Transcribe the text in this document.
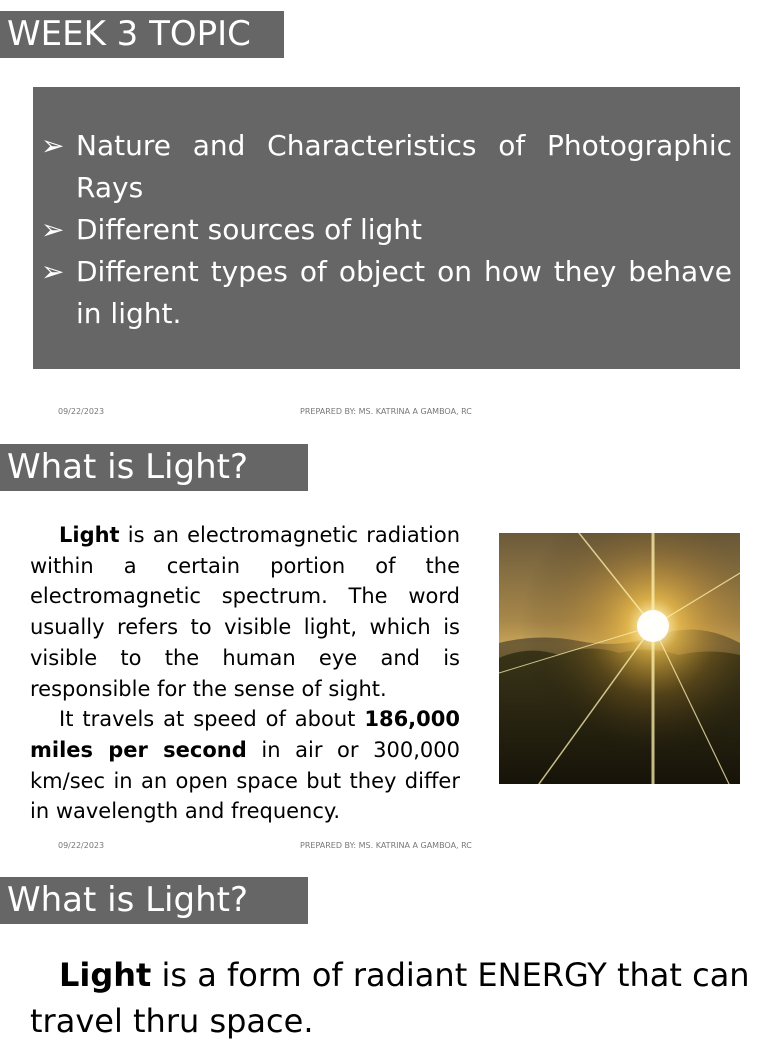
WEEK 3 TOPIC
➢ Nature and Characteristics of Photographic
Rays
➢ Different sources of light
➢ Different types of object on how they behave
in light.
09/22/2023	PREPARED BY: MS. KATRINA A GAMBOA, RC
What is Light?

Light is an electromagnetic radiation within a certain portion of the electromagnetic spectrum. The word usually refers to visible light, which is visible to the human eye and is responsible for the sense of sight.

It travels at speed of about 186,000 miles per second in air or 300,000 km/sec in an open space but they differ in wavelength and frequency.

09/22/2023	PREPARED BY: MS. KATRINA A GAMBOA, RC
What is Light?
Light is a form of radiant ENERGY that can travel thru space.
